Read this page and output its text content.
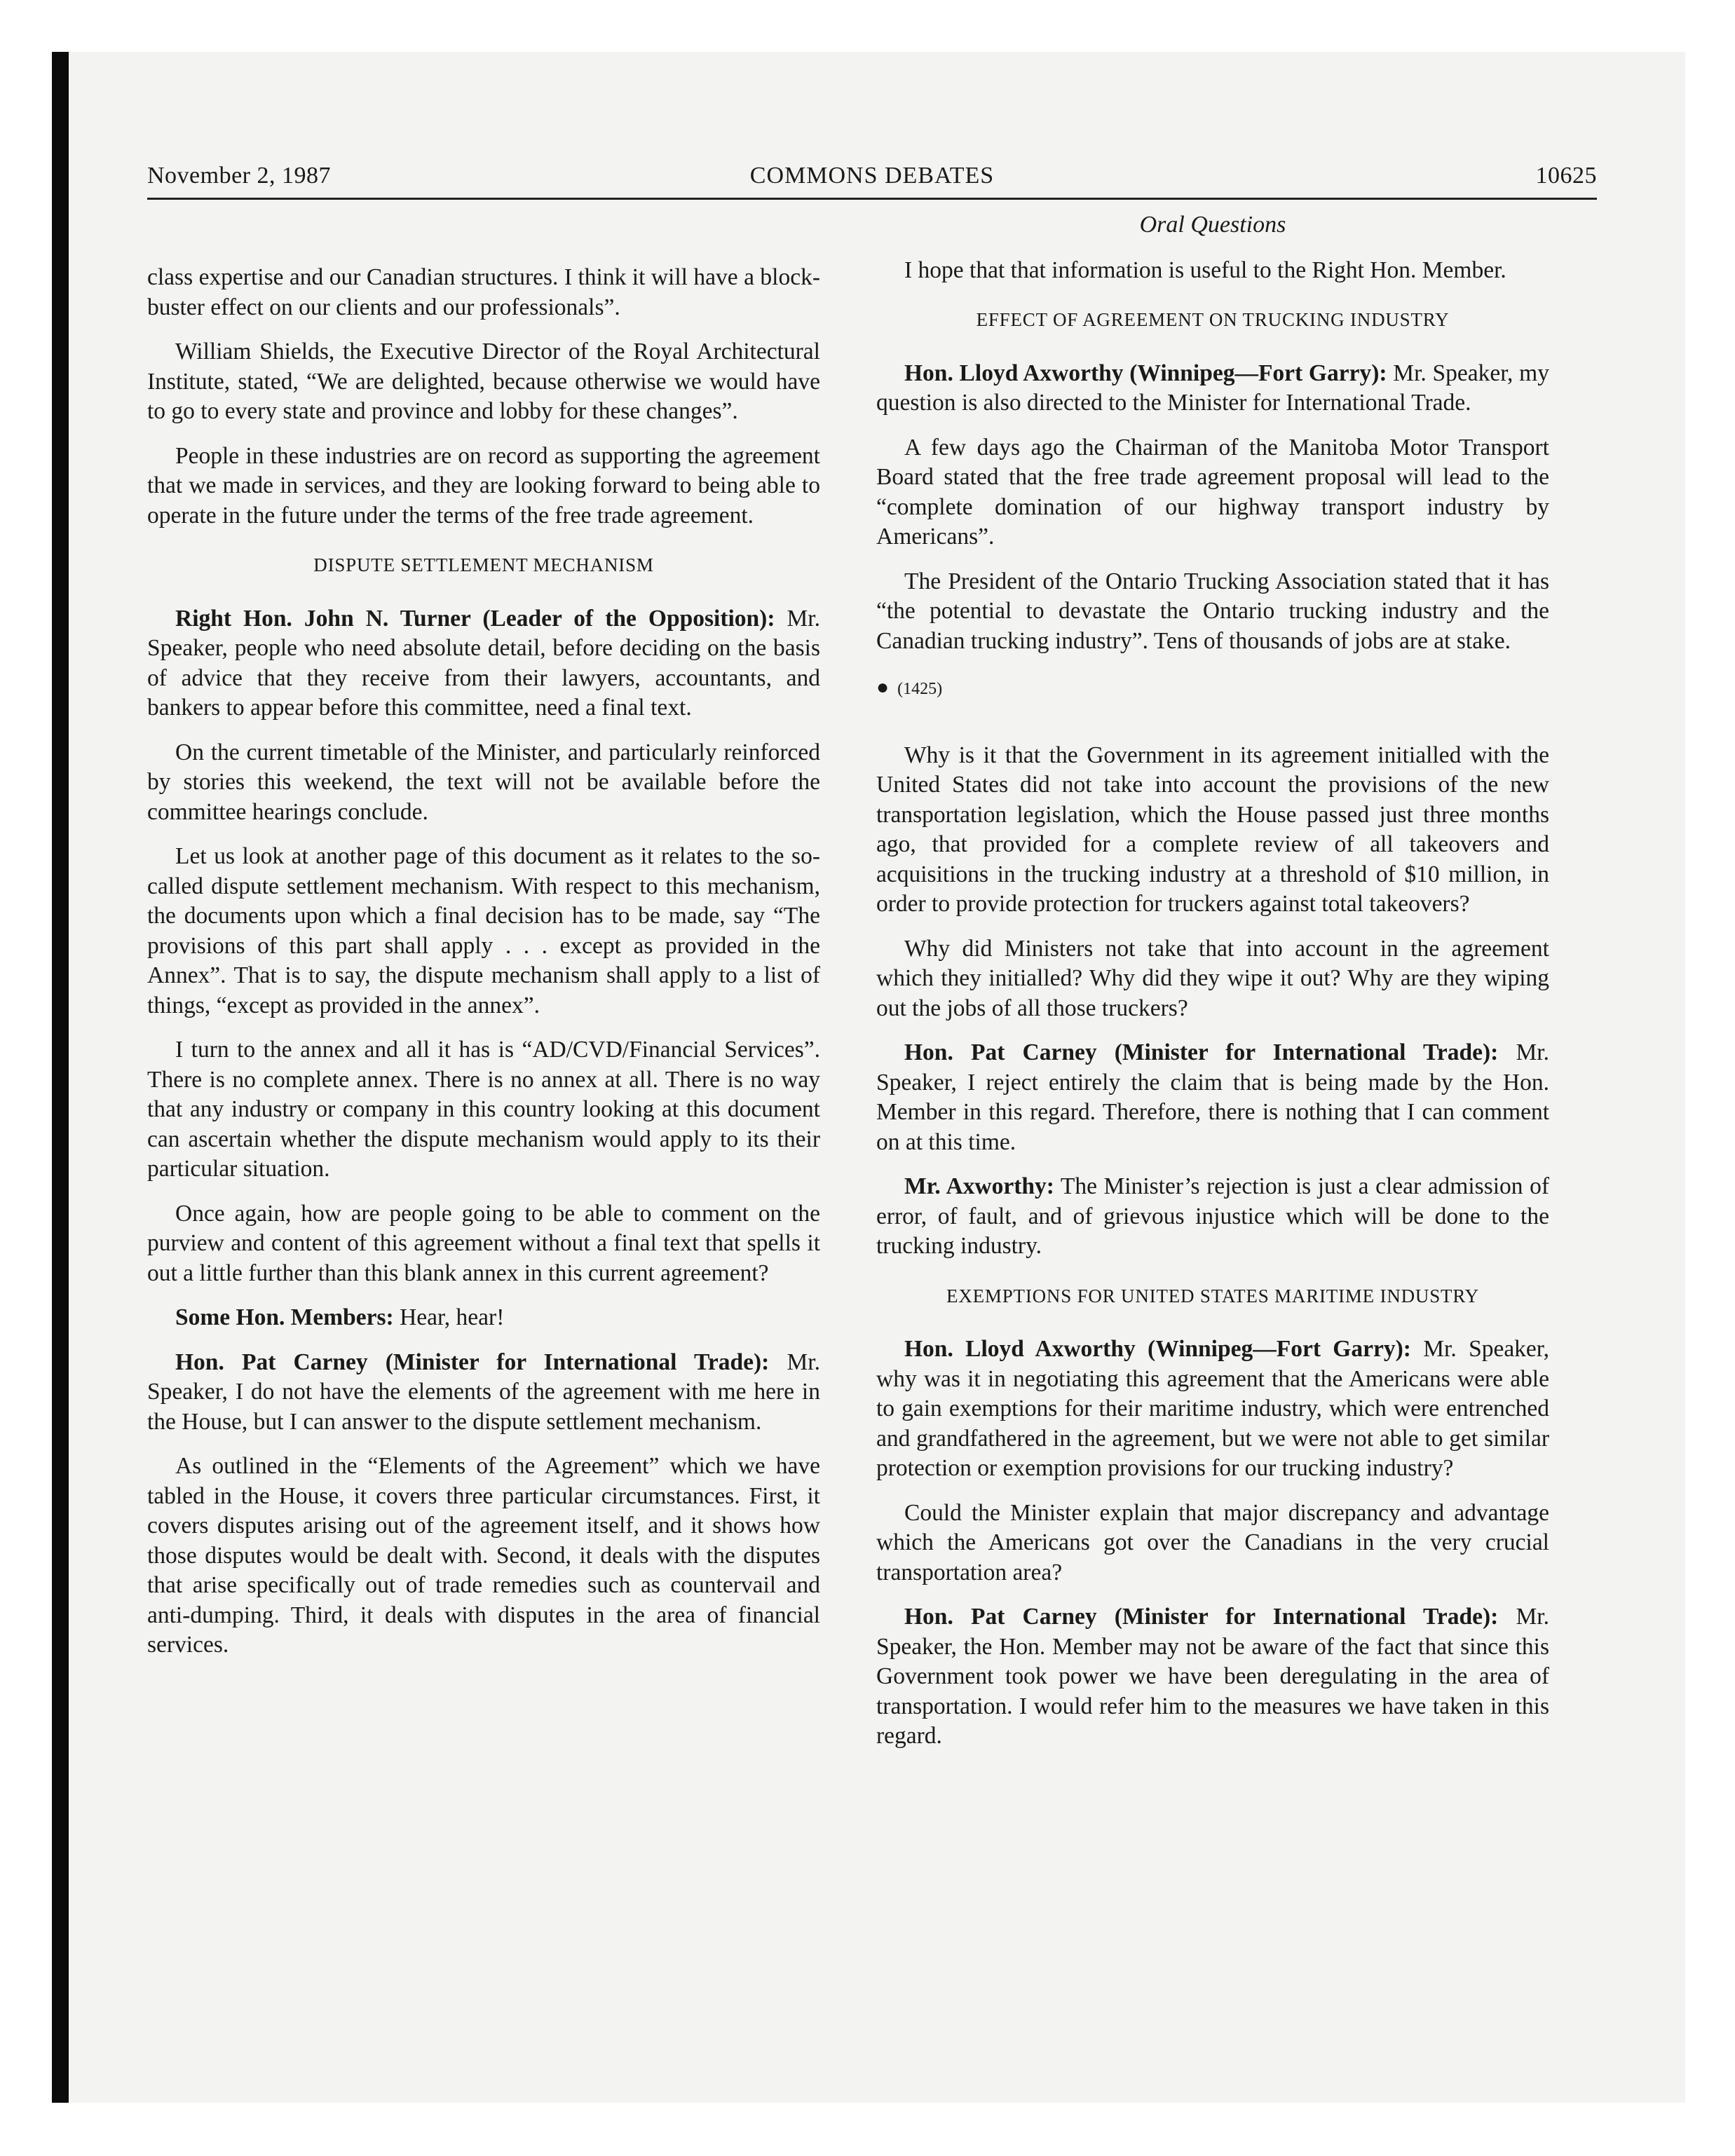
November 2, 1987	COMMONS DEBATES	10625

class expertise and our Canadian structures. I think it will have a block-buster effect on our clients and our professionals”.

William Shields, the Executive Director of the Royal Architectural Institute, stated, “We are delighted, because otherwise we would have to go to every state and province and lobby for these changes”.

People in these industries are on record as supporting the agreement that we made in services, and they are looking forward to being able to operate in the future under the terms of the free trade agreement.

DISPUTE SETTLEMENT MECHANISM

Right Hon. John N. Turner (Leader of the Opposition): Mr. Speaker, people who need absolute detail, before deciding on the basis of advice that they receive from their lawyers, accountants, and bankers to appear before this committee, need a final text.

On the current timetable of the Minister, and particularly reinforced by stories this weekend, the text will not be available before the committee hearings conclude.

Let us look at another page of this document as it relates to the so-called dispute settlement mechanism. With respect to this mechanism, the documents upon which a final decision has to be made, say “The provisions of this part shall apply . . . except as provided in the Annex”. That is to say, the dispute mechanism shall apply to a list of things, “except as provided in the annex”.

I turn to the annex and all it has is “AD/CVD/Financial Services”. There is no complete annex. There is no annex at all. There is no way that any industry or company in this country looking at this document can ascertain whether the dispute mechanism would apply to its their particular situation.

Once again, how are people going to be able to comment on the purview and content of this agreement without a final text that spells it out a little further than this blank annex in this current agreement?

Some Hon. Members: Hear, hear!

Hon. Pat Carney (Minister for International Trade): Mr. Speaker, I do not have the elements of the agreement with me here in the House, but I can answer to the dispute settlement mechanism.

As outlined in the “Elements of the Agreement” which we have tabled in the House, it covers three particular circumstances. First, it covers disputes arising out of the agreement itself, and it shows how those disputes would be dealt with. Second, it deals with the disputes that arise specifically out of trade remedies such as countervail and anti-dumping. Third, it deals with disputes in the area of financial services.

Oral Questions

I hope that that information is useful to the Right Hon. Member.

EFFECT OF AGREEMENT ON TRUCKING INDUSTRY

Hon. Lloyd Axworthy (Winnipeg—Fort Garry): Mr. Speaker, my question is also directed to the Minister for International Trade.

A few days ago the Chairman of the Manitoba Motor Transport Board stated that the free trade agreement proposal will lead to the “complete domination of our highway transport industry by Americans”.

The President of the Ontario Trucking Association stated that it has “the potential to devastate the Ontario trucking industry and the Canadian trucking industry”. Tens of thousands of jobs are at stake.

● (1425)

Why is it that the Government in its agreement initialled with the United States did not take into account the provisions of the new transportation legislation, which the House passed just three months ago, that provided for a complete review of all takeovers and acquisitions in the trucking industry at a threshold of $10 million, in order to provide protection for truckers against total takeovers?

Why did Ministers not take that into account in the agreement which they initialled? Why did they wipe it out? Why are they wiping out the jobs of all those truckers?

Hon. Pat Carney (Minister for International Trade): Mr. Speaker, I reject entirely the claim that is being made by the Hon. Member in this regard. Therefore, there is nothing that I can comment on at this time.

Mr. Axworthy: The Minister’s rejection is just a clear admission of error, of fault, and of grievous injustice which will be done to the trucking industry.

EXEMPTIONS FOR UNITED STATES MARITIME INDUSTRY

Hon. Lloyd Axworthy (Winnipeg—Fort Garry): Mr. Speaker, why was it in negotiating this agreement that the Americans were able to gain exemptions for their maritime industry, which were entrenched and grandfathered in the agreement, but we were not able to get similar protection or exemption provisions for our trucking industry?

Could the Minister explain that major discrepancy and advantage which the Americans got over the Canadians in the very crucial transportation area?

Hon. Pat Carney (Minister for International Trade): Mr. Speaker, the Hon. Member may not be aware of the fact that since this Government took power we have been deregulating in the area of transportation. I would refer him to the measures we have taken in this regard.
